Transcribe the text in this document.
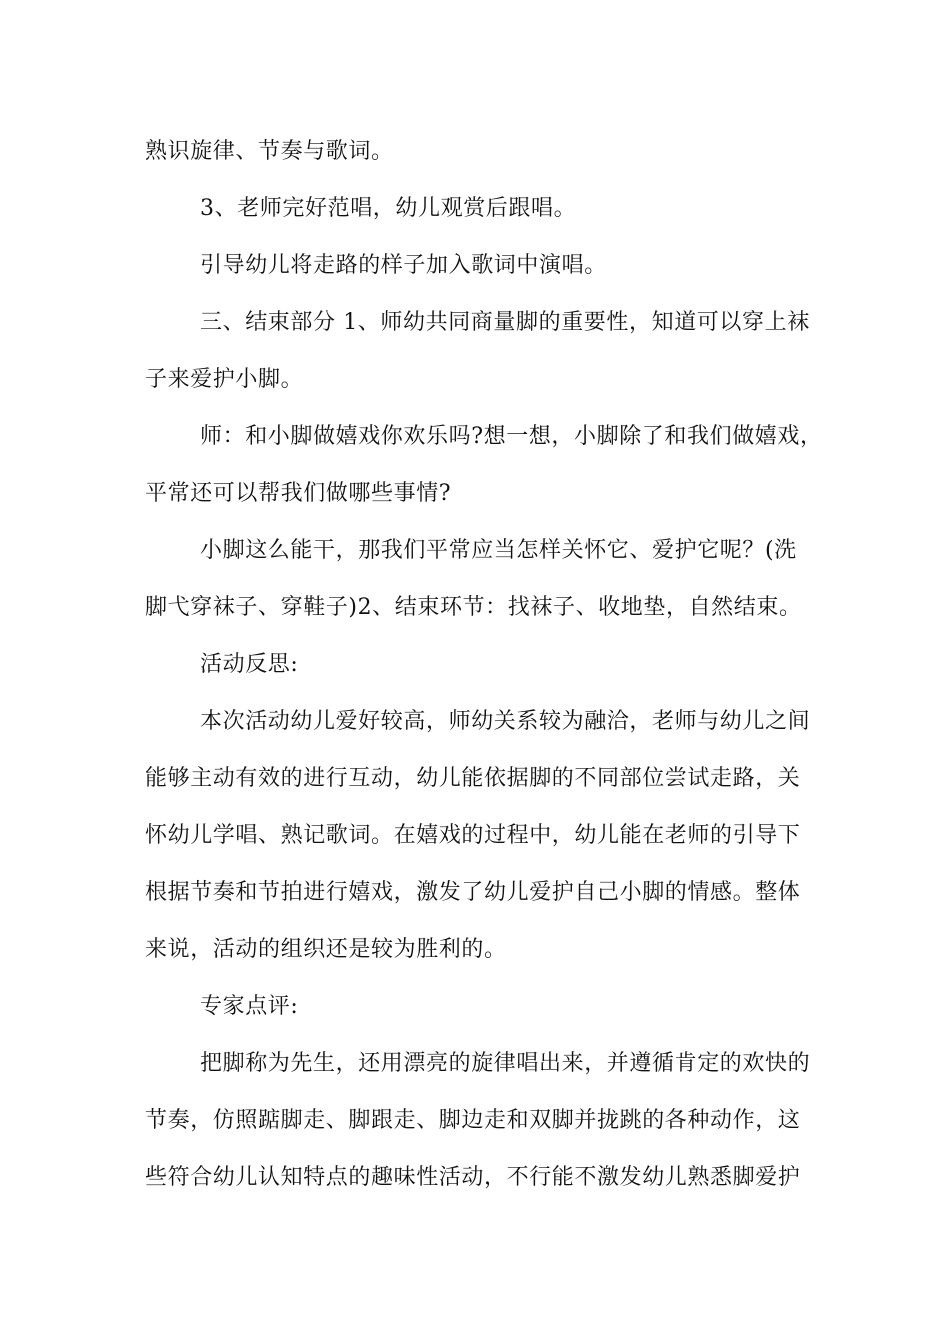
熟识旋律、节奏与歌词。
3、老师完好范唱，幼儿观赏后跟唱。
引导幼儿将走路的样子加入歌词中演唱。
三、结束部分 1、师幼共同商量脚的重要性，知道可以穿上袜
子来爱护小脚。
师：和小脚做嬉戏你欢乐吗?想一想，小脚除了和我们做嬉戏，
平常还可以帮我们做哪些事情?
小脚这么能干，那我们平常应当怎样关怀它、爱护它呢？(洗
脚弋穿袜子、穿鞋子)2、结束环节：找袜子、收地垫，自然结束。
活动反思:
本次活动幼儿爱好较高，师幼关系较为融洽，老师与幼儿之间
能够主动有效的进行互动，幼儿能依据脚的不同部位尝试走路，关
怀幼儿学唱、熟记歌词。在嬉戏的过程中，幼儿能在老师的引导下
根据节奏和节拍进行嬉戏，激发了幼儿爱护自己小脚的情感。整体
来说，活动的组织还是较为胜利的。
专家点评:
把脚称为先生，还用漂亮的旋律唱出来，并遵循肯定的欢快的
节奏，仿照踮脚走、脚跟走、脚边走和双脚并拢跳的各种动作，这
些符合幼儿认知特点的趣味性活动，不行能不激发幼儿熟悉脚爱护
